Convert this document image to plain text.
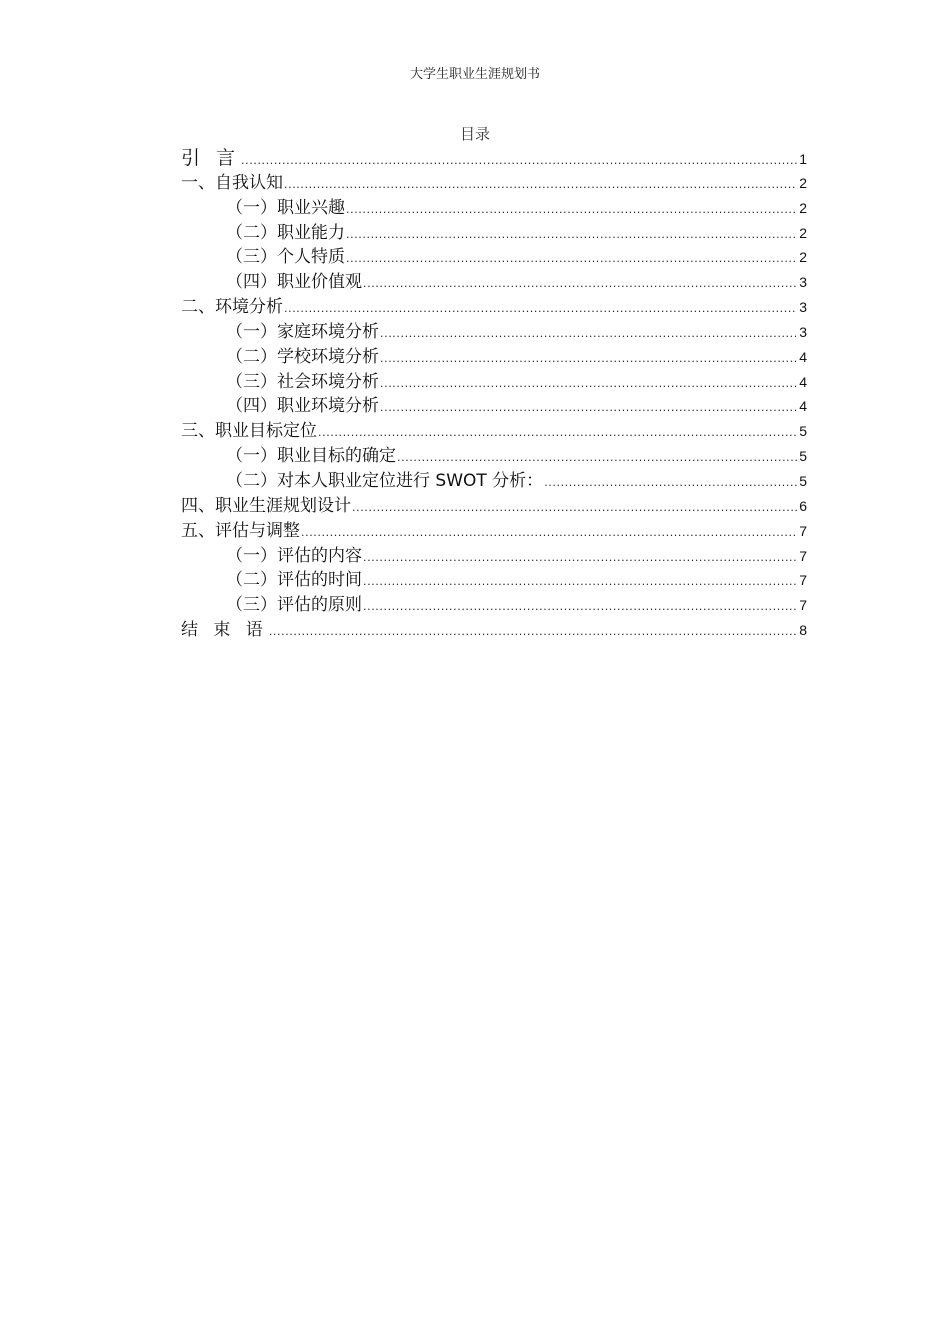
大学生职业生涯规划书
目录
引 言 .....	1
一、自我认知 .....	2
（一）职业兴趣 .....	2
（二）职业能力 .....	2
（三）个人特质 .....	2
（四）职业价值观 .....	3
二、环境分析 .....	3
（一）家庭环境分析 .....	3
（二）学校环境分析 .....	4
（三）社会环境分析 .....	4
（四）职业环境分析 .....	4
三、职业目标定位 .....	5
（一）职业目标的确定 .....	5
（二）对本人职业定位进行 SWOT 分析： .....	5
四、职业生涯规划设计 .....	6
五、评估与调整 .....	7
（一）评估的内容 .....	7
（二）评估的时间 .....	7
（三）评估的原则 .....	7
结 束 语 .....	8
